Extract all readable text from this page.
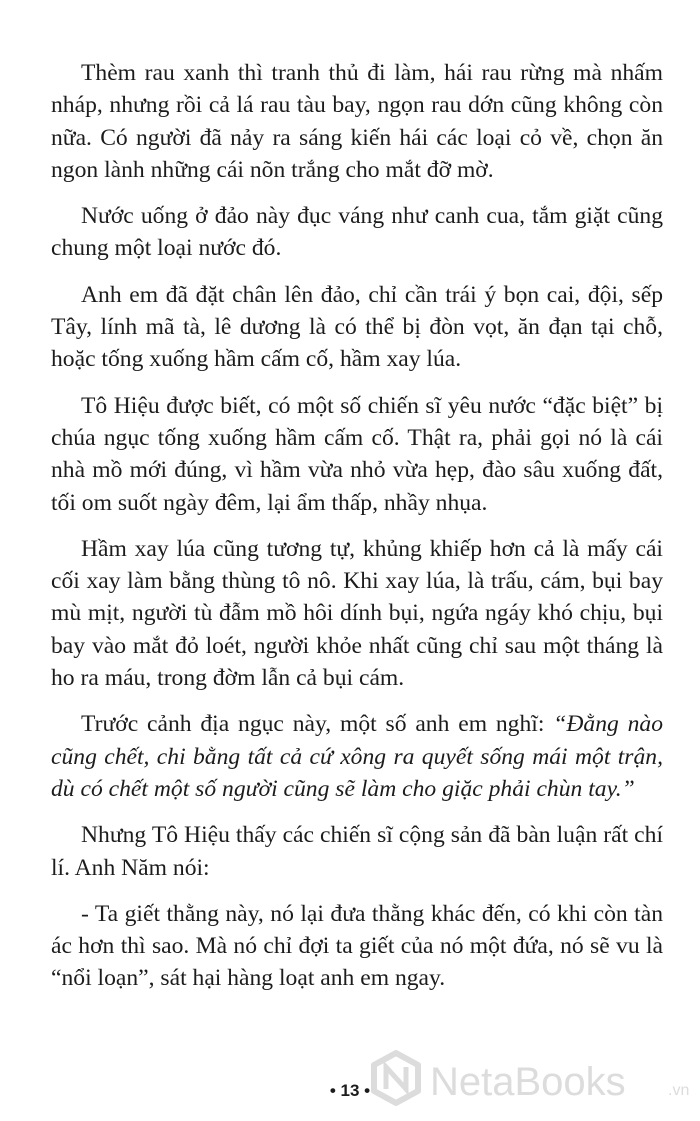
Thèm rau xanh thì tranh thủ đi làm, hái rau rừng mà nhấm nháp, nhưng rồi cả lá rau tàu bay, ngọn rau dớn cũng không còn nữa. Có người đã nảy ra sáng kiến hái các loại cỏ về, chọn ăn ngon lành những cái nõn trắng cho mắt đỡ mờ.

Nước uống ở đảo này đục váng như canh cua, tắm giặt cũng chung một loại nước đó.

Anh em đã đặt chân lên đảo, chỉ cần trái ý bọn cai, đội, sếp Tây, lính mã tà, lê dương là có thể bị đòn vọt, ăn đạn tại chỗ, hoặc tống xuống hầm cấm cố, hầm xay lúa.

Tô Hiệu được biết, có một số chiến sĩ yêu nước “đặc biệt” bị chúa ngục tống xuống hầm cấm cố. Thật ra, phải gọi nó là cái nhà mồ mới đúng, vì hầm vừa nhỏ vừa hẹp, đào sâu xuống đất, tối om suốt ngày đêm, lại ẩm thấp, nhầy nhụa.

Hầm xay lúa cũng tương tự, khủng khiếp hơn cả là mấy cái cối xay làm bằng thùng tô nô. Khi xay lúa, là trấu, cám, bụi bay mù mịt, người tù đẫm mồ hôi dính bụi, ngứa ngáy khó chịu, bụi bay vào mắt đỏ loét, người khỏe nhất cũng chỉ sau một tháng là ho ra máu, trong đờm lẫn cả bụi cám.

Trước cảnh địa ngục này, một số anh em nghĩ: “Đằng nào cũng chết, chi bằng tất cả cứ xông ra quyết sống mái một trận, dù có chết một số người cũng sẽ làm cho giặc phải chùn tay.”

Nhưng Tô Hiệu thấy các chiến sĩ cộng sản đã bàn luận rất chí lí. Anh Năm nói:

- Ta giết thằng này, nó lại đưa thằng khác đến, có khi còn tàn ác hơn thì sao. Mà nó chỉ đợi ta giết của nó một đứa, nó sẽ vu là “nổi loạn”, sát hại hàng loạt anh em ngay.

• 13 •	NetaBooks	.vn
